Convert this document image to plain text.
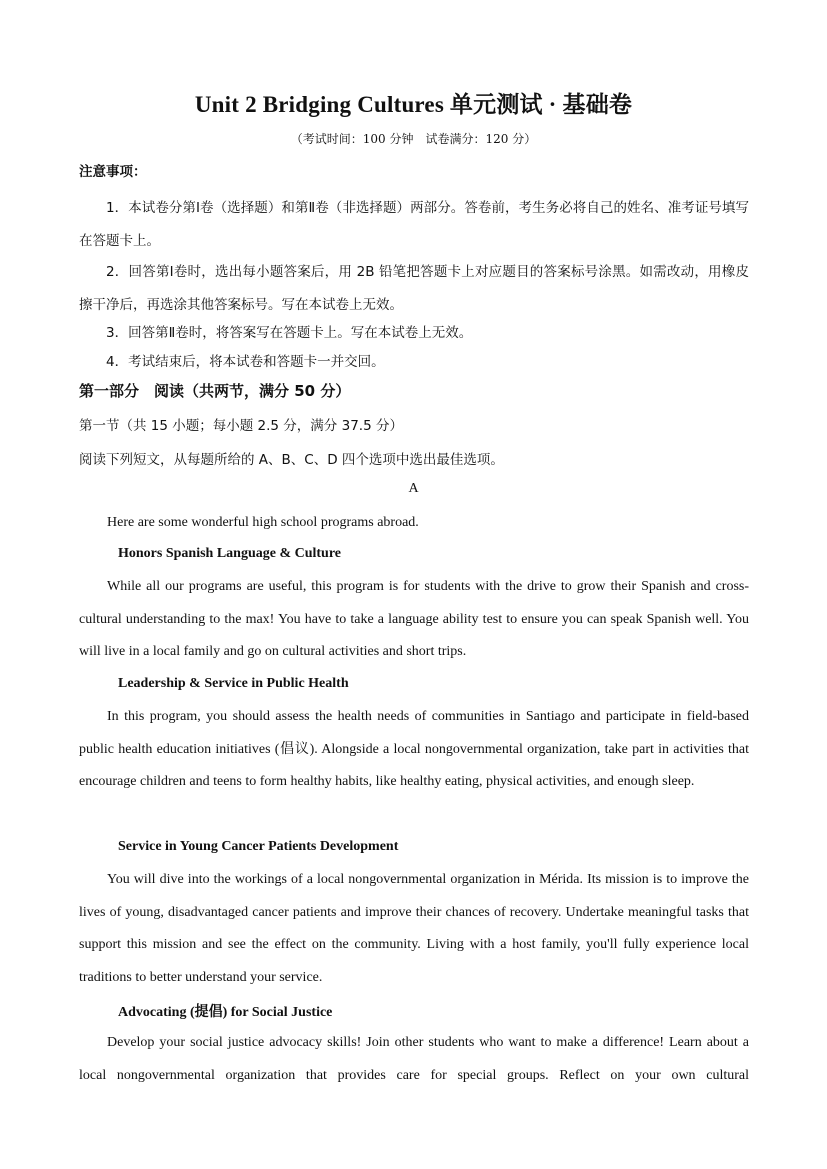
Unit 2 Bridging Cultures 单元测试 · 基础卷
（考试时间：100 分钟　试卷满分：120 分）
注意事项：

1．本试卷分第Ⅰ卷（选择题）和第Ⅱ卷（非选择题）两部分。答卷前，考生务必将自己的姓名、准考证号填写在答题卡上。

2．回答第Ⅰ卷时，选出每小题答案后，用 2B 铅笔把答题卡上对应题目的答案标号涂黑。如需改动，用橡皮擦干净后，再选涂其他答案标号。写在本试卷上无效。

3．回答第Ⅱ卷时，将答案写在答题卡上。写在本试卷上无效。

4．考试结束后，将本试卷和答题卡一并交回。

第一部分　阅读（共两节，满分 50 分）
第一节（共 15 小题；每小题 2.5 分，满分 37.5 分）
阅读下列短文，从每题所给的 A、B、C、D 四个选项中选出最佳选项。
A

Here are some wonderful high school programs abroad.

Honors Spanish Language & Culture

While all our programs are useful, this program is for students with the drive to grow their Spanish and cross-cultural understanding to the max! You have to take a language ability test to ensure you can speak Spanish well. You will live in a local family and go on cultural activities and short trips.

Leadership & Service in Public Health

In this program, you should assess the health needs of communities in Santiago and participate in field-based public health education initiatives (倡议). Alongside a local nongovernmental organization, take part in activities that encourage children and teens to form healthy habits, like healthy eating, physical activities, and enough sleep.

Service in Young Cancer Patients Development

You will dive into the workings of a local nongovernmental organization in Mérida. Its mission is to improve the lives of young, disadvantaged cancer patients and improve their chances of recovery. Undertake meaningful tasks that support this mission and see the effect on the community. Living with a host family, you'll fully experience local traditions to better understand your service.

Advocating (提倡) for Social Justice

Develop your social justice advocacy skills! Join other students who want to make a difference! Learn about a local nongovernmental organization that provides care for special groups. Reflect on your own cultural
